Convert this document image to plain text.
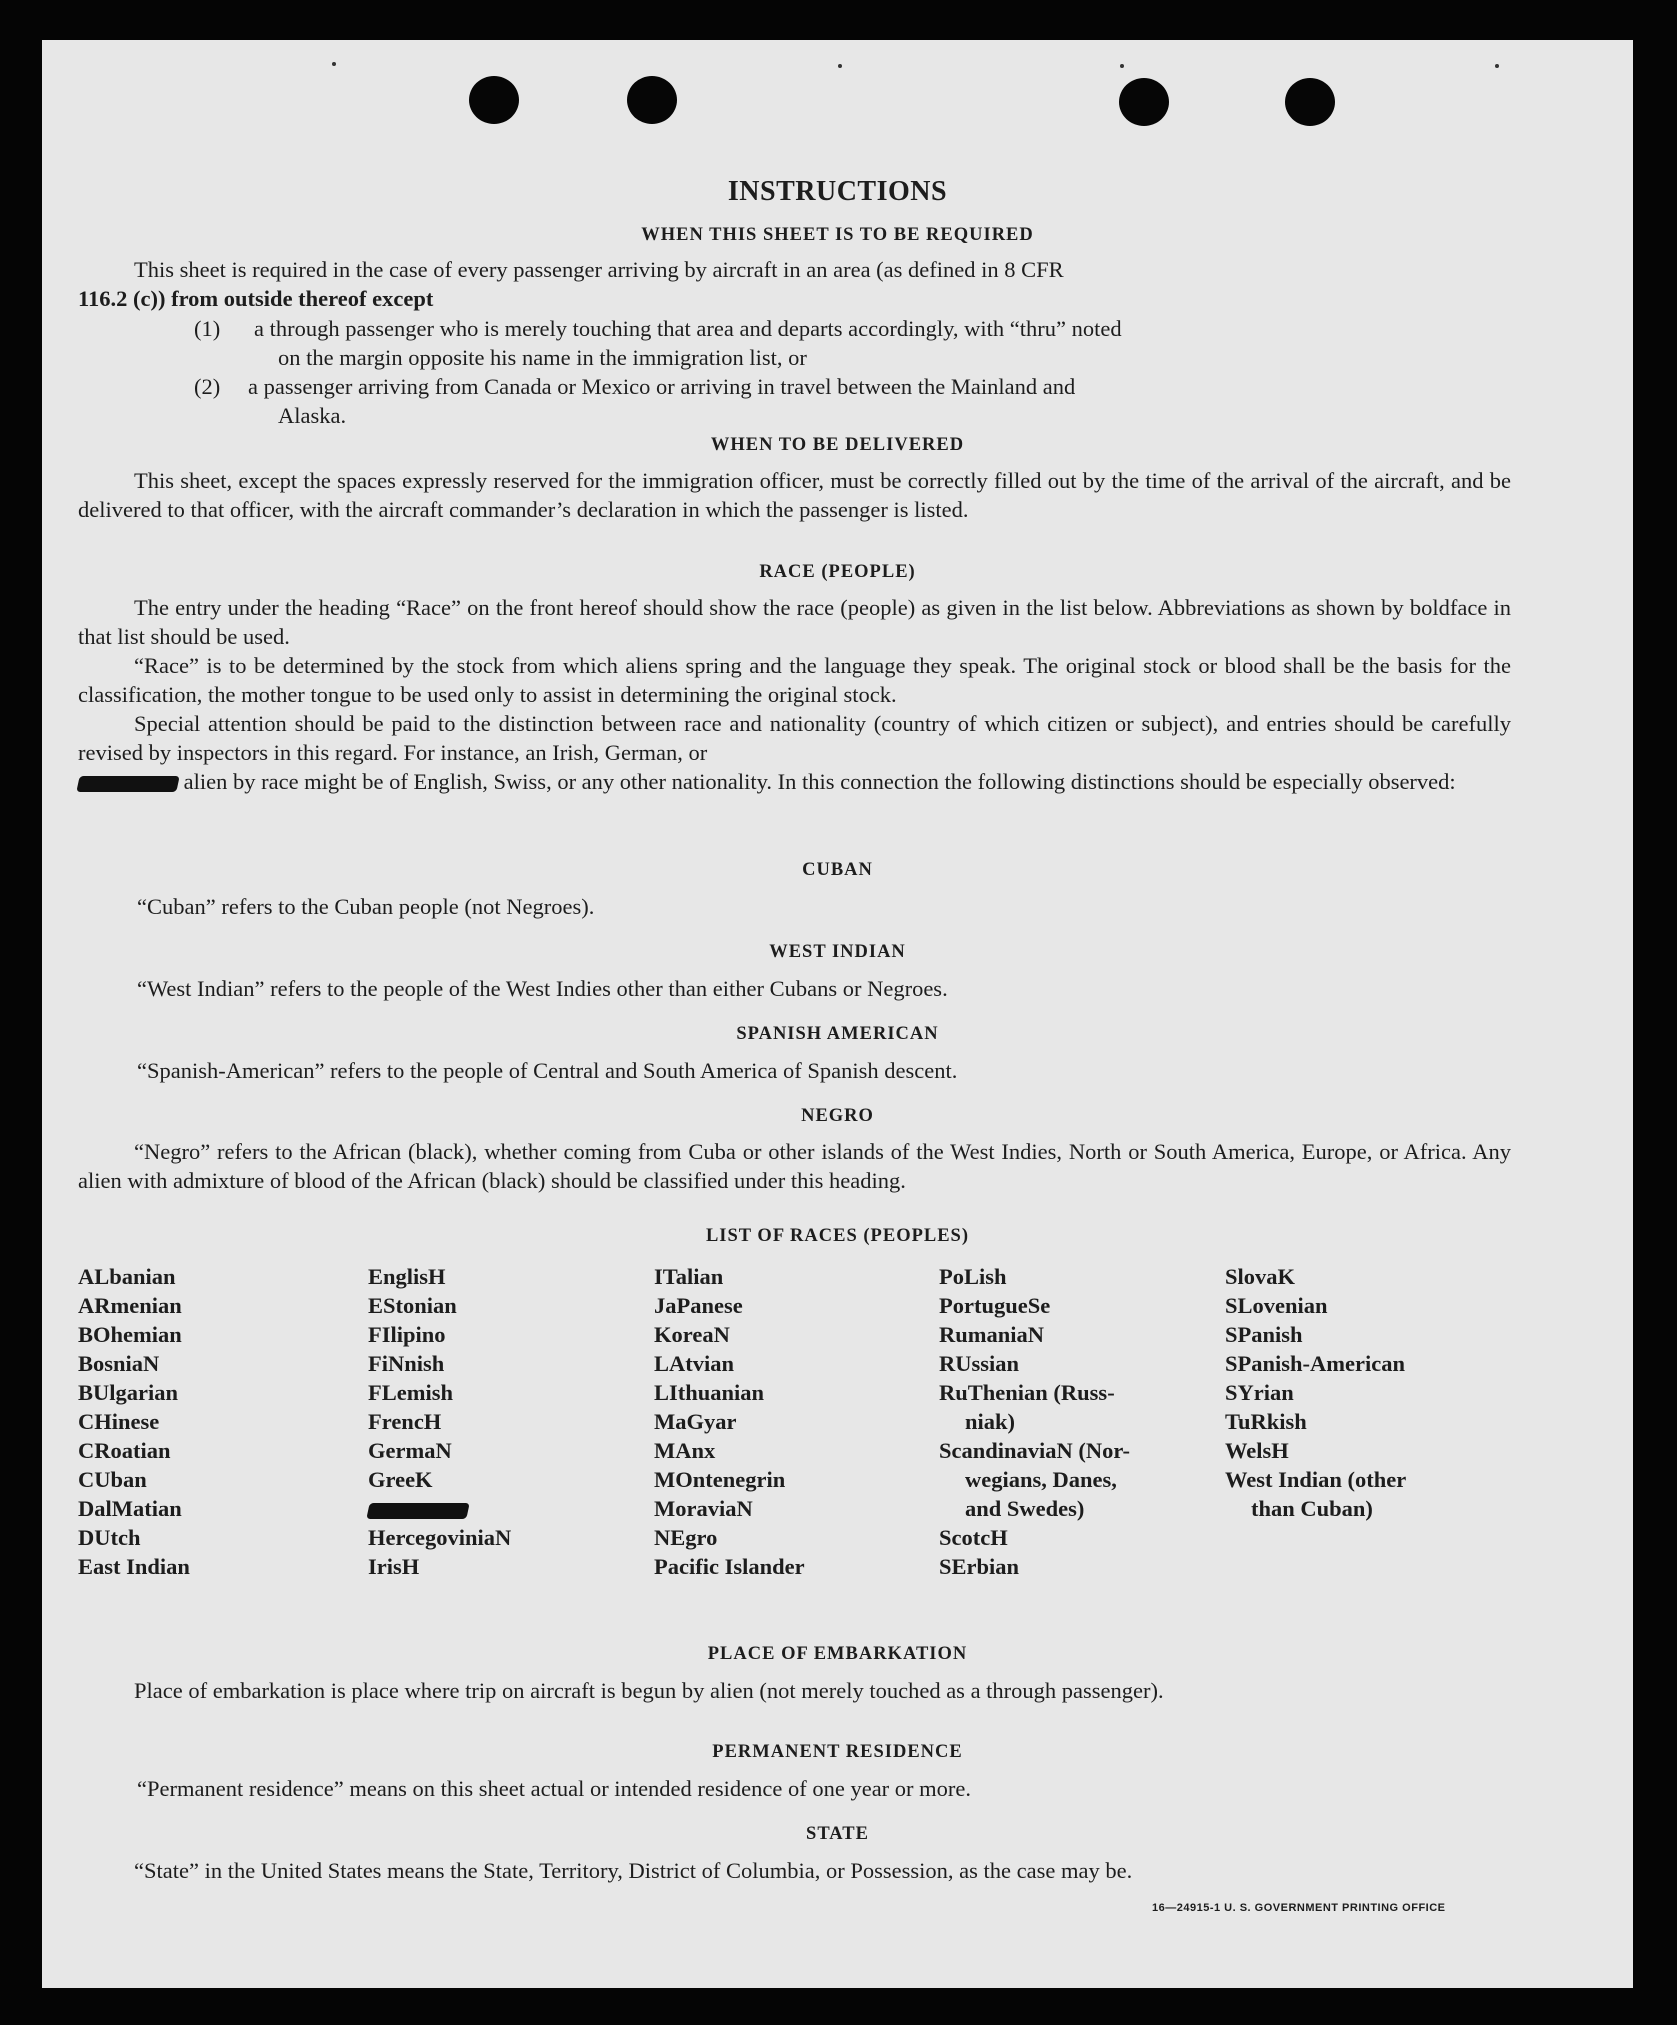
INSTRUCTIONS
WHEN THIS SHEET IS TO BE REQUIRED
This sheet is required in the case of every passenger arriving by aircraft in an area (as defined in 8 CFR
116.2 (c)) from outside thereof except
(1) a through passenger who is merely touching that area and departs accordingly, with “thru” noted
on the margin opposite his name in the immigration list, or
(2) a passenger arriving from Canada or Mexico or arriving in travel between the Mainland and
Alaska.
WHEN TO BE DELIVERED

This sheet, except the spaces expressly reserved for the immigration officer, must be correctly filled out by the time of the arrival of the aircraft, and be delivered to that officer, with the aircraft commander’s declaration in which the passenger is listed.

RACE (PEOPLE)

The entry under the heading “Race” on the front hereof should show the race (people) as given in the list below. Abbreviations as shown by boldface in that list should be used.

“Race” is to be determined by the stock from which aliens spring and the language they speak. The original stock or blood shall be the basis for the classification, the mother tongue to be used only to assist in determining the original stock.

Special attention should be paid to the distinction between race and nationality (country of which citizen or subject), and entries should be carefully revised by inspectors in this regard. For instance, an Irish, German, or

alien by race might be of English, Swiss, or any other nationality. In this connection the following distinctions should be especially observed:

CUBAN
“Cuban” refers to the Cuban people (not Negroes).
WEST INDIAN
“West Indian” refers to the people of the West Indies other than either Cubans or Negroes.
SPANISH AMERICAN
“Spanish-American” refers to the people of Central and South America of Spanish descent.
NEGRO

“Negro” refers to the African (black), whether coming from Cuba or other islands of the West Indies, North or South America, Europe, or Africa. Any alien with admixture of blood of the African (black) should be classified under this heading.

LIST OF RACES (PEOPLES)
ALbanian
ARmenian
BOhemian
BosniaN
BUlgarian
CHinese
CRoatian
CUban
DalMatian
DUtch
East Indian
EnglisH
EStonian
FIlipino
FiNnish
FLemish
FrencH
GermaN
GreeK
HercegoviniaN
IrisH
ITalian
JaPanese
KoreaN
LAtvian
LIthuanian
MaGyar
MAnx
MOntenegrin
MoraviaN
NEgro
Pacific Islander
PoLish
PortugueSe
RumaniaN
RUssian
RuThenian (Russ-
niak)
ScandinaviaN (Nor-
wegians, Danes,
and Swedes)
ScotcH
SErbian
SlovaK
SLovenian
SPanish
SPanish-American
SYrian
TuRkish
WelsH
West Indian (other
than Cuban)
PLACE OF EMBARKATION

Place of embarkation is place where trip on aircraft is begun by alien (not merely touched as a through passenger).

PERMANENT RESIDENCE
“Permanent residence” means on this sheet actual or intended residence of one year or more.
STATE

“State” in the United States means the State, Territory, District of Columbia, or Possession, as the case may be.

16—24915-1 U. S. GOVERNMENT PRINTING OFFICE
